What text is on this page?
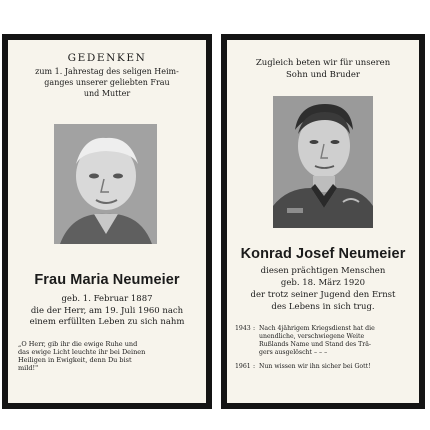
GEDENKEN
zum 1. Jahrestag des seligen Heim-
ganges unserer geliebten Frau
und Mutter
Frau Maria Neumeier
geb. 1. Februar 1887
die der Herr, am 19. Juli 1960 nach
einem erfüllten Leben zu sich nahm
„O Herr, gib ihr die ewige Ruhe und
das ewige Licht leuchte ihr bei Deinen
Heiligen in Ewigkeit, denn Du bist
mild!"
Zugleich beten wir für unseren
Sohn und Bruder
Konrad Josef Neumeier
diesen prächtigen Menschen
geb. 18. März 1920
der trotz seiner Jugend den Ernst
des Lebens in sich trug.
1943 : Nach 4jährigem Kriegsdienst hat die
unendliche, verschwiegene Weite
Rußlands Name und Stand des Trä-
gers ausgelöscht – – –
1961 : Nun wissen wir ihn sicher bei Gott!
